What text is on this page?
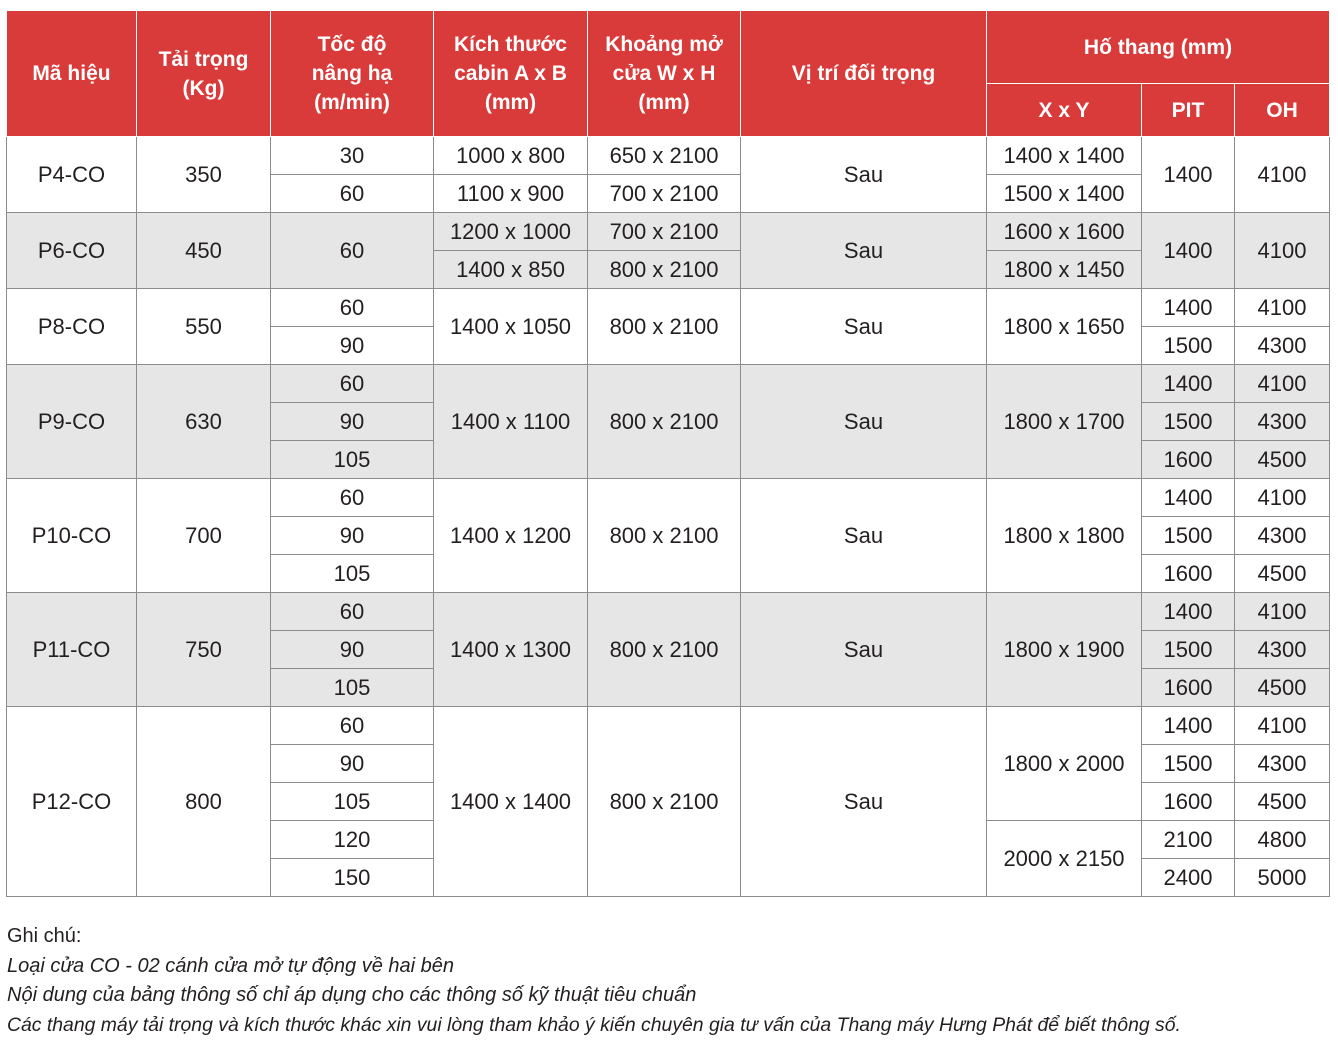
Mã hiệu	Tải trọng (Kg)	Tốc độ nâng hạ (m/min)	Kích thước cabin A x B (mm)	Khoảng mở cửa W x H (mm)	Vị trí đối trọng	Hố thang (mm)		
						X x Y	PIT	OH
P4-CO	350	30	1000 x 800	650 x 2100	Sau	1400 x 1400	1400	4100
		60	1100 x 900	700 x 2100		1500 x 1400		
P6-CO	450	60	1200 x 1000	700 x 2100	Sau	1600 x 1600	1400	4100
			1400 x 850	800 x 2100		1800 x 1450		
P8-CO	550	60	1400 x 1050	800 x 2100	Sau	1800 x 1650	1400	4100
		90					1500	4300
P9-CO	630	60	1400 x 1100	800 x 2100	Sau	1800 x 1700	1400	4100
		90					1500	4300
		105					1600	4500
P10-CO	700	60	1400 x 1200	800 x 2100	Sau	1800 x 1800	1400	4100
		90					1500	4300
		105					1600	4500
P11-CO	750	60	1400 x 1300	800 x 2100	Sau	1800 x 1900	1400	4100
		90					1500	4300
		105					1600	4500
P12-CO	800	60	1400 x 1400	800 x 2100	Sau	1800 x 2000	1400	4100
		90					1500	4300
		105					1600	4500
		120				2000 x 2150	2100	4800
		150					2400	5000
Ghi chú:
Loại cửa CO - 02 cánh cửa mở tự động về hai bên
Nội dung của bảng thông số chỉ áp dụng cho các thông số kỹ thuật tiêu chuẩn
Các thang máy tải trọng và kích thước khác xin vui lòng tham khảo ý kiến chuyên gia tư vấn của Thang máy Hưng Phát để biết thông số.
